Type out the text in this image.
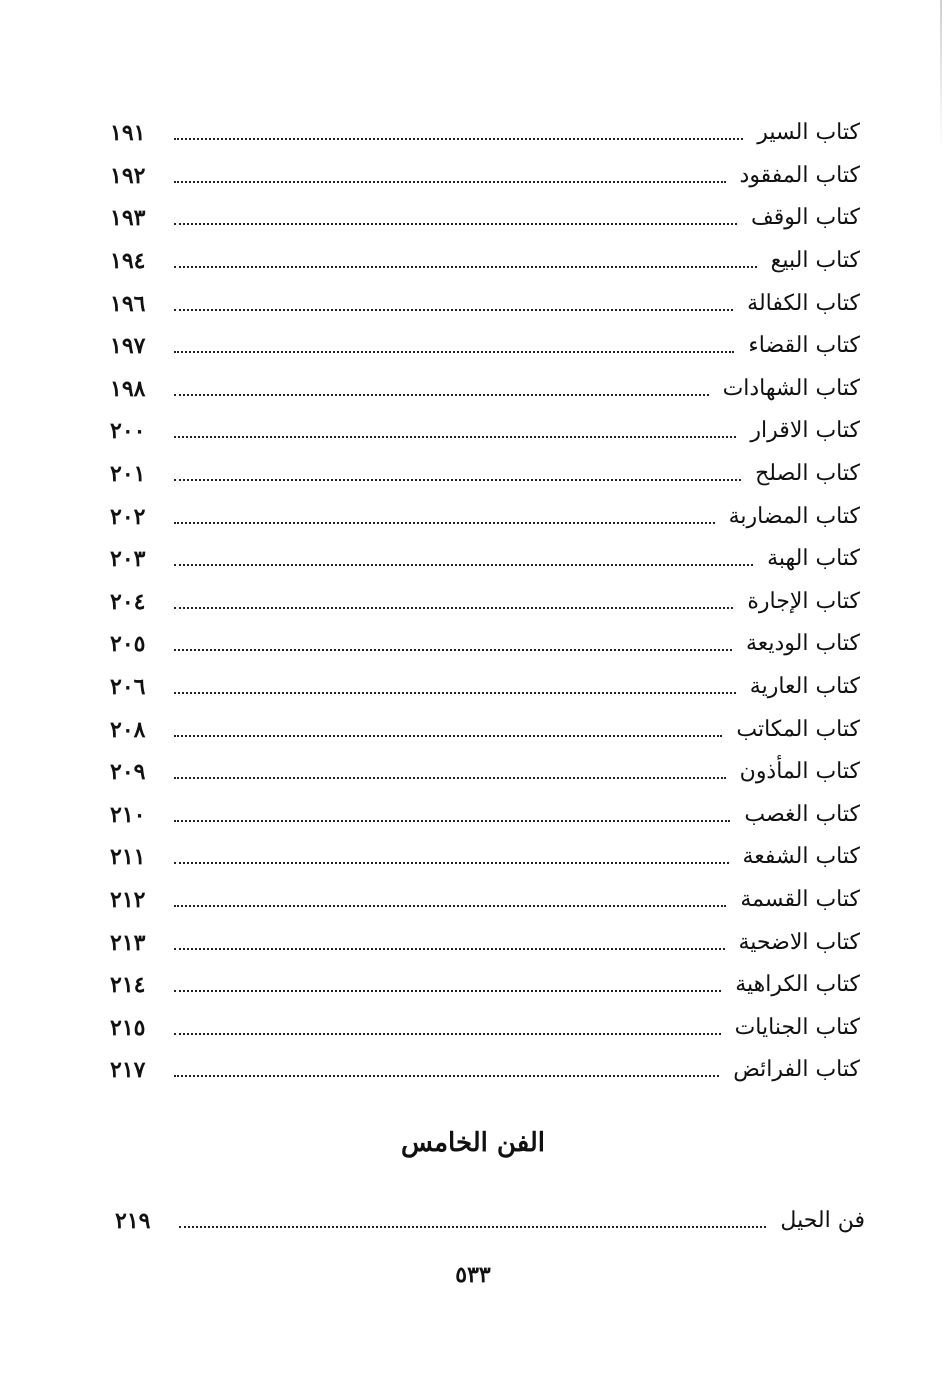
كتاب السير
١٩١
كتاب المفقود
١٩٢
كتاب الوقف
١٩٣
كتاب البيع
١٩٤
كتاب الكفالة
١٩٦
كتاب القضاء
١٩٧
كتاب الشهادات
١٩٨
كتاب الاقرار
٢٠٠
كتاب الصلح
٢٠١
كتاب المضاربة
٢٠٢
كتاب الهبة
٢٠٣
كتاب الإجارة
٢٠٤
كتاب الوديعة
٢٠٥
كتاب العارية
٢٠٦
كتاب المكاتب
٢٠٨
كتاب المأذون
٢٠٩
كتاب الغصب
٢١٠
كتاب الشفعة
٢١١
كتاب القسمة
٢١٢
كتاب الاضحية
٢١٣
كتاب الكراهية
٢١٤
كتاب الجنايات
٢١٥
كتاب الفرائض
٢١٧
الفن الخامس
فن الحيل
٢١٩
٥٣٣
